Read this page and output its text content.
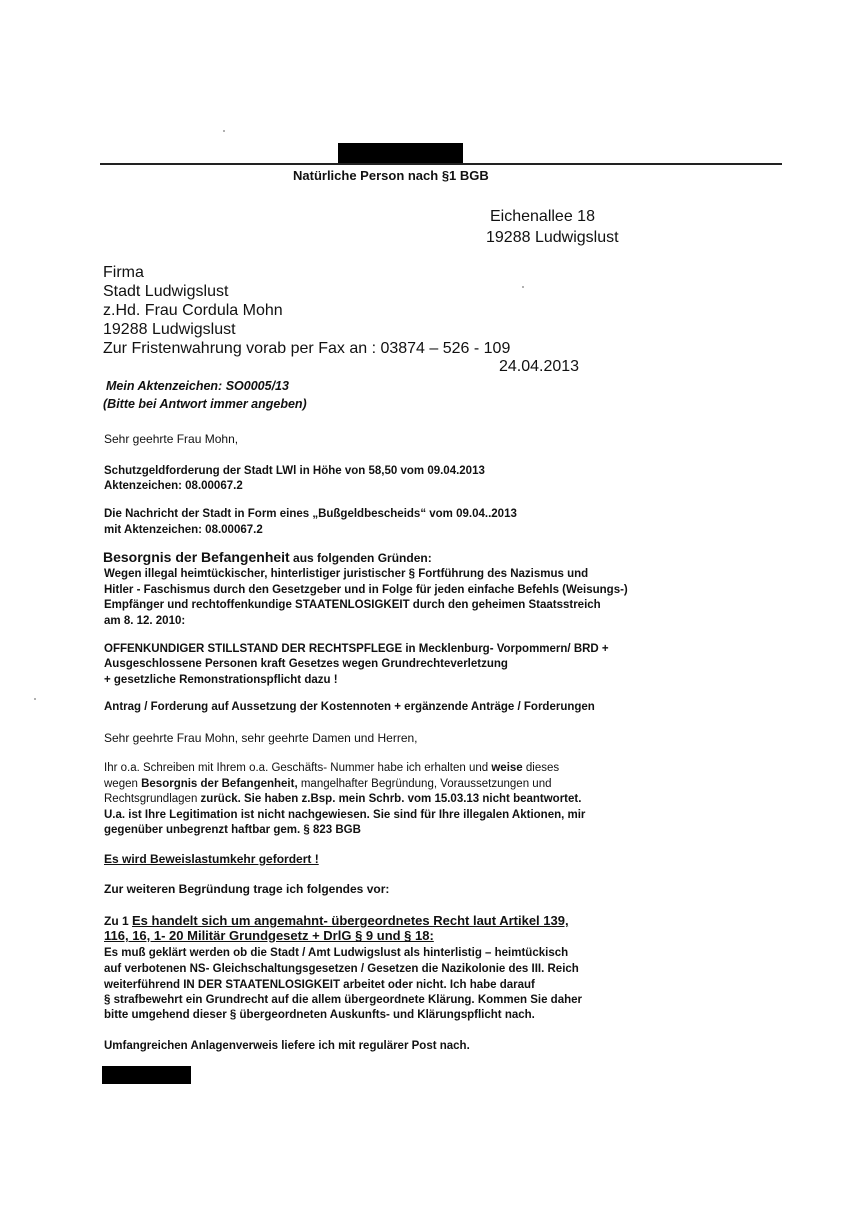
Natürliche Person nach §1 BGB
Eichenallee 18
19288 Ludwigslust
Firma
Stadt Ludwigslust
z.Hd. Frau Cordula Mohn
19288 Ludwigslust
Zur Fristenwahrung vorab per Fax an : 03874 – 526 - 109
24.04.2013
Mein Aktenzeichen: SO0005/13
(Bitte bei Antwort immer angeben)
Sehr geehrte Frau Mohn,
Schutzgeldforderung der Stadt LWl in Höhe von 58,50 vom 09.04.2013
Aktenzeichen: 08.00067.2
Die Nachricht der Stadt in Form eines „Bußgeldbescheids“ vom 09.04..2013
mit Aktenzeichen: 08.00067.2
Besorgnis der Befangenheit aus folgenden Gründen:
Wegen illegal heimtückischer, hinterlistiger juristischer § Fortführung des Nazismus und
Hitler - Faschismus durch den Gesetzgeber und in Folge für jeden einfache Befehls (Weisungs-)
Empfänger und rechtoffenkundige STAATENLOSIGKEIT durch den geheimen Staatsstreich
am 8. 12. 2010:
OFFENKUNDIGER STILLSTAND DER RECHTSPFLEGE in Mecklenburg- Vorpommern/ BRD +
Ausgeschlossene Personen kraft Gesetzes wegen Grundrechteverletzung
+ gesetzliche Remonstrationspflicht dazu !
Antrag / Forderung auf Aussetzung der Kostennoten + ergänzende Anträge / Forderungen
Sehr geehrte Frau Mohn, sehr geehrte Damen und Herren,
Ihr o.a. Schreiben mit Ihrem o.a. Geschäfts- Nummer habe ich erhalten und weise dieses
wegen Besorgnis der Befangenheit, mangelhafter Begründung, Voraussetzungen und
Rechtsgrundlagen zurück. Sie haben z.Bsp. mein Schrb. vom 15.03.13 nicht beantwortet.
U.a. ist Ihre Legitimation ist nicht nachgewiesen. Sie sind für Ihre illegalen Aktionen, mir
gegenüber unbegrenzt haftbar gem. § 823 BGB
Es wird Beweislastumkehr gefordert !
Zur weiteren Begründung trage ich folgendes vor:
Zu 1 Es handelt sich um angemahnt- übergeordnetes Recht laut Artikel 139,
116, 16, 1- 20 Militär Grundgesetz + DrlG § 9 und § 18:
Es muß geklärt werden ob die Stadt / Amt Ludwigslust als hinterlistig – heimtückisch
auf verbotenen NS- Gleichschaltungsgesetzen / Gesetzen die Nazikolonie des III. Reich
weiterführend IN DER STAATENLOSIGKEIT arbeitet oder nicht. Ich habe darauf
§ strafbewehrt ein Grundrecht auf die allem übergeordnete Klärung. Kommen Sie daher
bitte umgehend dieser § übergeordneten Auskunfts- und Klärungspflicht nach.
Umfangreichen Anlagenverweis liefere ich mit regulärer Post nach.
